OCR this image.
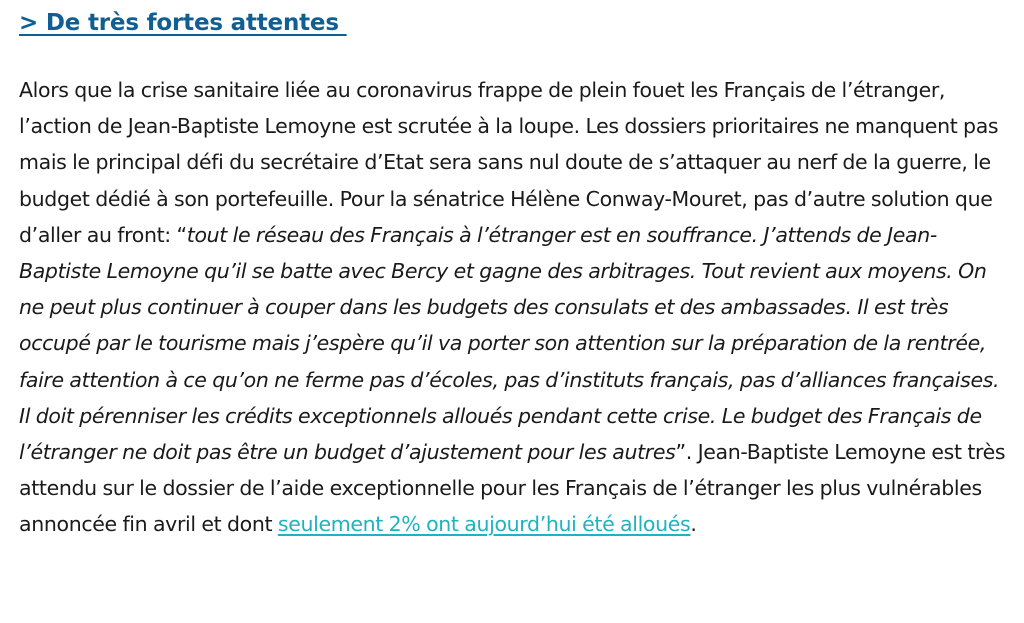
> De très fortes attentes

Alors que la crise sanitaire liée au coronavirus frappe de plein fouet les Français de l’étranger, l’action de Jean-Baptiste Lemoyne est scrutée à la loupe. Les dossiers prioritaires ne manquent pas mais le principal défi du secrétaire d’Etat sera sans nul doute de s’attaquer au nerf de la guerre, le budget dédié à son portefeuille. Pour la sénatrice Hélène Conway-Mouret, pas d’autre solution que d’aller au front: “tout le réseau des Français à l’étranger est en souffrance. J’attends de Jean-Baptiste Lemoyne qu’il se batte avec Bercy et gagne des arbitrages. Tout revient aux moyens. On ne peut plus continuer à couper dans les budgets des consulats et des ambassades. Il est très occupé par le tourisme mais j’espère qu’il va porter son attention sur la préparation de la rentrée, faire attention à ce qu’on ne ferme pas d’écoles, pas d’instituts français, pas d’alliances françaises. Il doit pérenniser les crédits exceptionnels alloués pendant cette crise. Le budget des Français de l’étranger ne doit pas être un budget d’ajustement pour les autres”. Jean-Baptiste Lemoyne est très attendu sur le dossier de l’aide exceptionnelle pour les Français de l’étranger les plus vulnérables annoncée fin avril et dont seulement 2% ont aujourd’hui été alloués.
